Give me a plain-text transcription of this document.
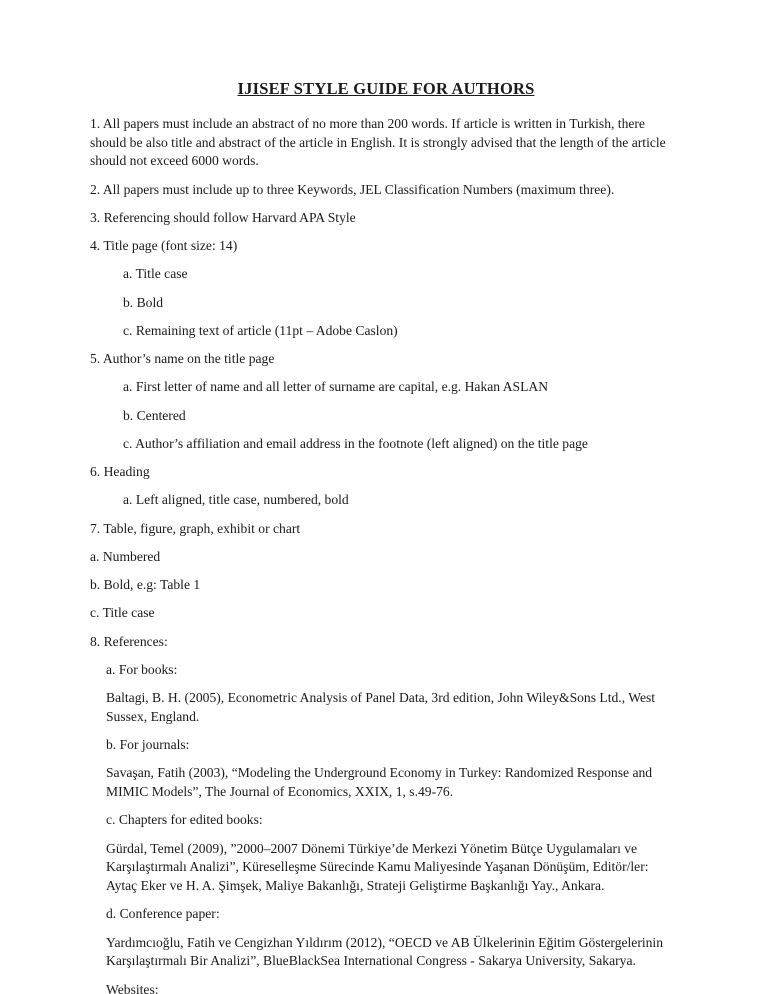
IJISEF STYLE GUIDE FOR AUTHORS

1. All papers must include an abstract of no more than 200 words. If article is written in Turkish, there should be also title and abstract of the article in English. It is strongly advised that the length of the article should not exceed 6000 words.

2. All papers must include up to three Keywords, JEL Classification Numbers (maximum three).

3. Referencing should follow Harvard APA Style

4. Title page (font size: 14)

a. Title case

b. Bold

c. Remaining text of article (11pt – Adobe Caslon)

5. Author’s name on the title page

a. First letter of name and all letter of surname are capital, e.g. Hakan ASLAN

b. Centered

c. Author’s affiliation and email address in the footnote (left aligned) on the title page

6. Heading

a. Left aligned, title case, numbered, bold

7. Table, figure, graph, exhibit or chart

a. Numbered

b. Bold, e.g: Table 1

c. Title case

8. References:

a. For books:

Baltagi, B. H. (2005), Econometric Analysis of Panel Data, 3rd edition, John Wiley&Sons Ltd., West Sussex, England.

b. For journals:

Savaşan, Fatih (2003), “Modeling the Underground Economy in Turkey: Randomized Response and MIMIC Models”, The Journal of Economics, XXIX, 1, s.49-76.

c. Chapters for edited books:

Gürdal, Temel (2009), ”2000–2007 Dönemi Türkiye’de Merkezi Yönetim Bütçe Uygulamaları ve Karşılaştırmalı Analizi”, Küreselleşme Sürecinde Kamu Maliyesinde Yaşanan Dönüşüm, Editör/ler: Aytaç Eker ve H. A. Şimşek, Maliye Bakanlığı, Strateji Geliştirme Başkanlığı Yay., Ankara.

d. Conference paper:

Yardımcıoğlu, Fatih ve Cengizhan Yıldırım (2012), “OECD ve AB Ülkelerinin Eğitim Göstergelerinin Karşılaştırmalı Bir Analizi”, BlueBlackSea International Congress - Sakarya University, Sakarya.

Websites:
